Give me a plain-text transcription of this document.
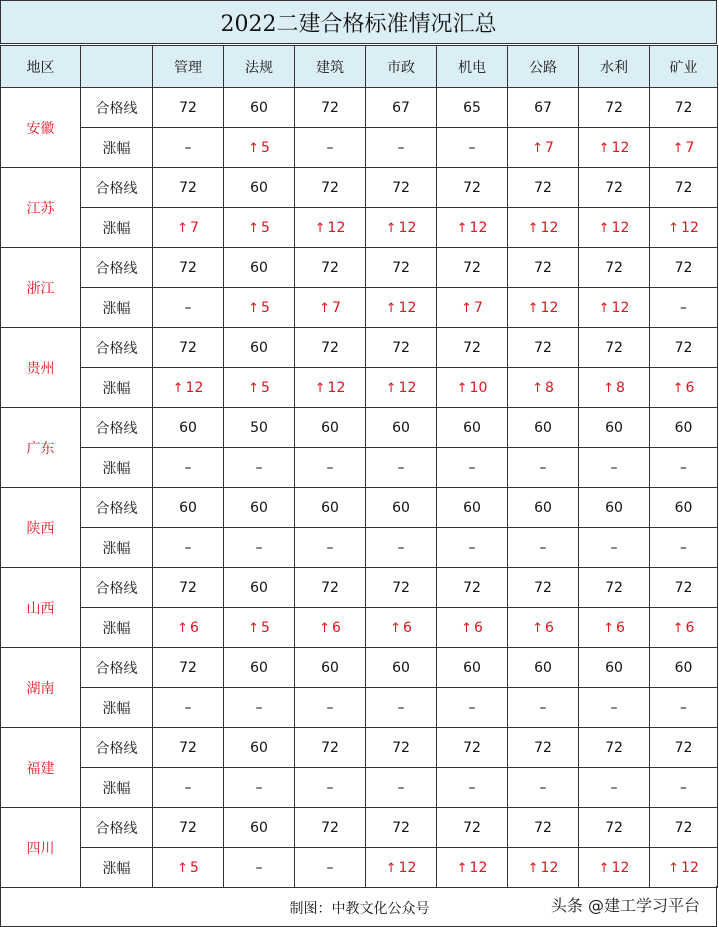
2022二建合格标准情况汇总
地区		管理	法规	建筑	市政	机电	公路	水利	矿业
安徽	合格线	72	60	72	67	65	67	72	72
	涨幅	–	↑ 5	–	–	–	↑ 7	↑ 12	↑ 7
江苏	合格线	72	60	72	72	72	72	72	72
	涨幅	↑ 7	↑ 5	↑ 12	↑ 12	↑ 12	↑ 12	↑ 12	↑ 12
浙江	合格线	72	60	72	72	72	72	72	72
	涨幅	–	↑ 5	↑ 7	↑ 12	↑ 7	↑ 12	↑ 12	–
贵州	合格线	72	60	72	72	72	72	72	72
	涨幅	↑ 12	↑ 5	↑ 12	↑ 12	↑ 10	↑ 8	↑ 8	↑ 6
广东	合格线	60	50	60	60	60	60	60	60
	涨幅	–	–	–	–	–	–	–	–
陕西	合格线	60	60	60	60	60	60	60	60
	涨幅	–	–	–	–	–	–	–	–
山西	合格线	72	60	72	72	72	72	72	72
	涨幅	↑ 6	↑ 5	↑ 6	↑ 6	↑ 6	↑ 6	↑ 6	↑ 6
湖南	合格线	72	60	60	60	60	60	60	60
	涨幅	–	–	–	–	–	–	–	–
福建	合格线	72	60	72	72	72	72	72	72
	涨幅	–	–	–	–	–	–	–	–
四川	合格线	72	60	72	72	72	72	72	72
	涨幅	↑ 5	–	–	↑ 12	↑ 12	↑ 12	↑ 12	↑ 12
制图：中教文化公众号	头条 @建工学习平台
